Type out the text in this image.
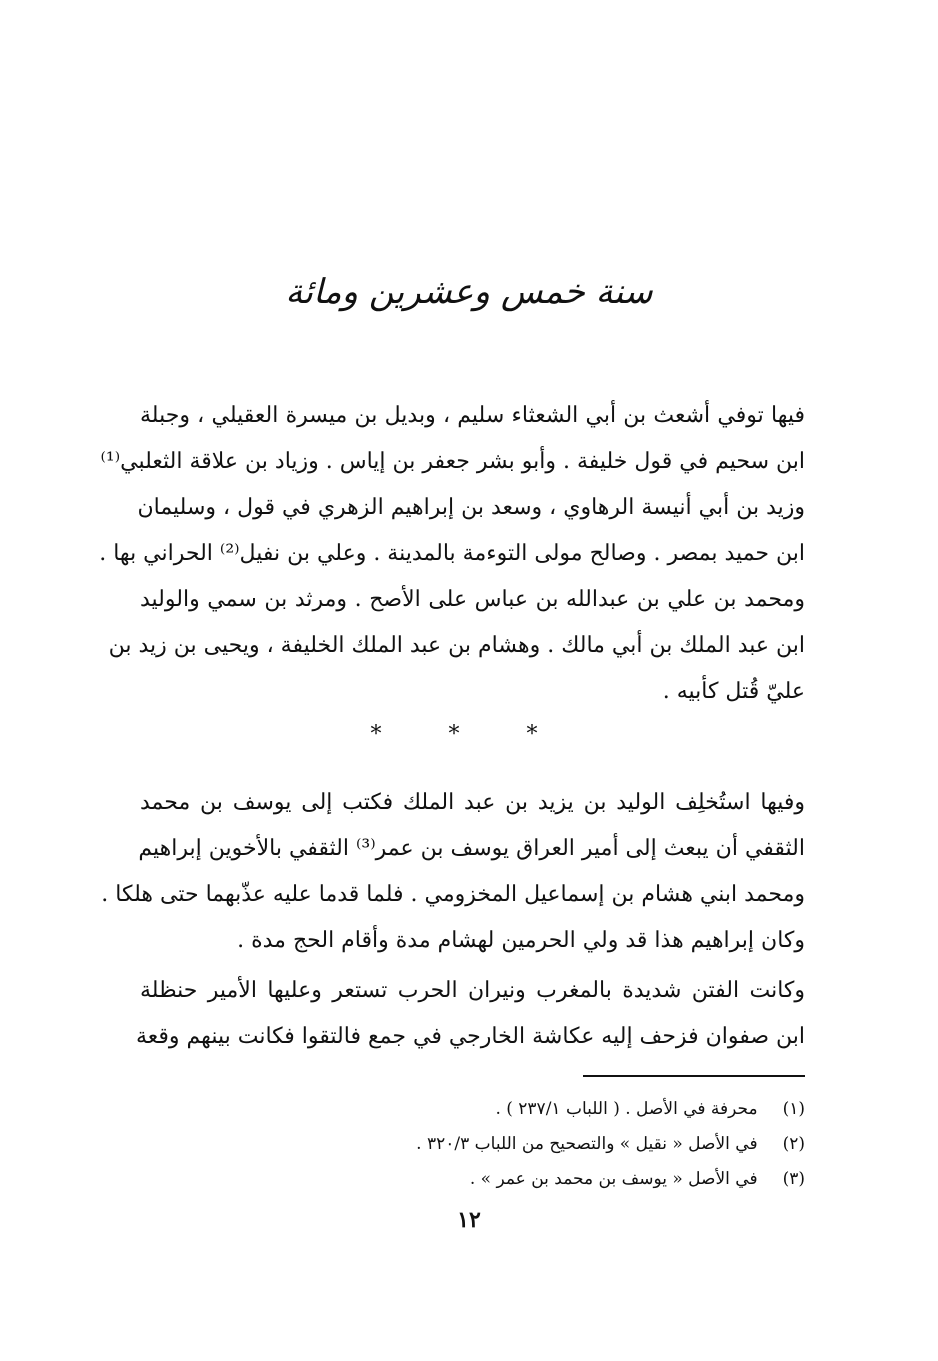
سنة خمس وعشرين ومائة
فيها توفي أشعث بن أبي الشعثاء سليم ، وبديل بن ميسرة العقيلي ، وجبلة
ابن سحيم في قول خليفة . وأبو بشر جعفر بن إياس . وزياد بن علاقة الثعلبي⁽¹⁾
وزيد بن أبي أنيسة الرهاوي ، وسعد بن إبراهيم الزهري في قول ، وسليمان
ابن حميد بمصر . وصالح مولى التوءمة بالمدينة . وعلي بن نفيل⁽²⁾ الحراني بها .
ومحمد بن علي بن عبدالله بن عباس على الأصح . ومرثد بن سمي والوليد
ابن عبد الملك بن أبي مالك . وهشام بن عبد الملك الخليفة ، ويحيى بن زيد بن
عليّ قُتل كأبيه .
* * *
وفيها استُخلِف الوليد بن يزيد بن عبد الملك فكتب إلى يوسف بن محمد
الثقفي أن يبعث إلى أمير العراق يوسف بن عمر⁽³⁾ الثقفي بالأخوين إبراهيم
ومحمد ابني هشام بن إسماعيل المخزومي . فلما قدما عليه عذّبهما حتى هلكا .
وكان إبراهيم هذا قد ولي الحرمين لهشام مدة وأقام الحج مدة .
وكانت الفتن شديدة بالمغرب ونيران الحرب تستعر وعليها الأمير حنظلة
ابن صفوان فزحف إليه عكاشة الخارجي في جمع فالتقوا فكانت بينهم وقعة
(١) محرفة في الأصل . ( اللباب ٢٣٧/١ ) .
(٢) في الأصل « نقيل » والتصحيح من اللباب ٣٢٠/٣ .
(٣) في الأصل « يوسف بن محمد بن عمر » .
١٢
